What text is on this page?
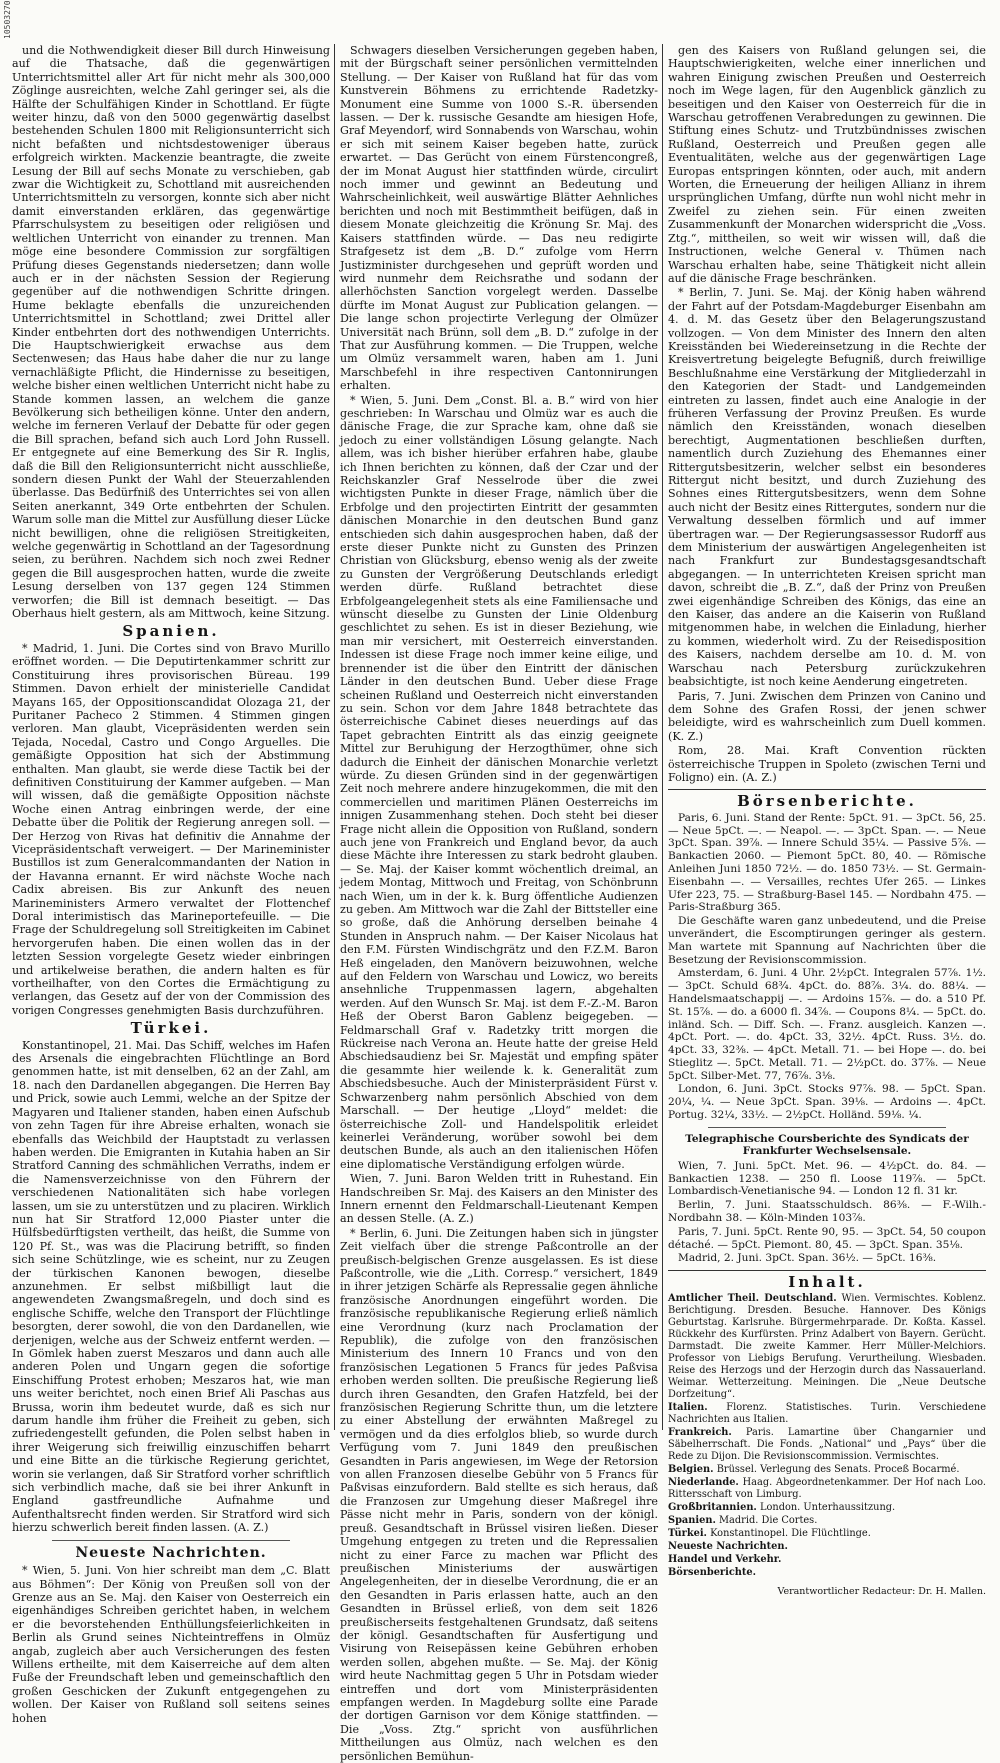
10503270

und die Nothwendigkeit dieser Bill durch Hinweisung auf die Thatsache, daß die gegenwärtigen Unterrichtsmittel aller Art für nicht mehr als 300,000 Zöglinge ausreichten, welche Zahl geringer sei, als die Hälfte der Schulfähigen Kinder in Schottland. Er fügte weiter hinzu, daß von den 5000 gegenwärtig daselbst bestehenden Schulen 1800 mit Religionsunterricht sich nicht befaßten und nichtsdestoweniger überaus erfolgreich wirkten. Mackenzie beantragte, die zweite Lesung der Bill auf sechs Monate zu verschieben, gab zwar die Wichtigkeit zu, Schottland mit ausreichenden Unterrichtsmitteln zu versorgen, konnte sich aber nicht damit einverstanden erklären, das gegenwärtige Pfarrschulsystem zu beseitigen oder religiösen und weltlichen Unterricht von einander zu trennen. Man möge eine besondere Commission zur sorgfältigen Prüfung dieses Gegenstands niedersetzen; dann wolle auch er in der nächsten Session der Regierung gegenüber auf die nothwendigen Schritte dringen. Hume beklagte ebenfalls die unzureichenden Unterrichtsmittel in Schottland; zwei Drittel aller Kinder entbehrten dort des nothwendigen Unterrichts. Die Hauptschwierigkeit erwachse aus dem Sectenwesen; das Haus habe daher die nur zu lange vernachläßigte Pflicht, die Hindernisse zu beseitigen, welche bisher einen weltlichen Unterricht nicht habe zu Stande kommen lassen, an welchem die ganze Bevölkerung sich betheiligen könne. Unter den andern, welche im ferneren Verlauf der Debatte für oder gegen die Bill sprachen, befand sich auch Lord John Russell. Er entgegnete auf eine Bemerkung des Sir R. Inglis, daß die Bill den Religionsunterricht nicht ausschließe, sondern diesen Punkt der Wahl der Steuerzahlenden überlasse. Das Bedürfniß des Unterrichtes sei von allen Seiten anerkannt, 349 Orte entbehrten der Schulen. Warum solle man die Mittel zur Ausfüllung dieser Lücke nicht bewilligen, ohne die religiösen Streitigkeiten, welche gegenwärtig in Schottland an der Tagesordnung seien, zu berühren. Nachdem sich noch zwei Redner gegen die Bill ausgesprochen hatten, wurde die zweite Lesung derselben von 137 gegen 124 Stimmen verworfen; die Bill ist demnach beseitigt. — Das Oberhaus hielt gestern, als am Mittwoch, keine Sitzung.

Spanien.

* Madrid, 1. Juni. Die Cortes sind von Bravo Murillo eröffnet worden. — Die Deputirtenkammer schritt zur Constituirung ihres provisorischen Büreau. 199 Stimmen. Davon erhielt der ministerielle Candidat Mayans 165, der Oppositionscandidat Olozaga 21, der Puritaner Pacheco 2 Stimmen. 4 Stimmen gingen verloren. Man glaubt, Vicepräsidenten werden sein Tejada, Nocedal, Castro und Congo Arguelles. Die gemäßigte Opposition hat sich der Abstimmung enthalten. Man glaubt, sie werde diese Tactik bei der definitiven Constituirung der Kammer aufgeben. — Man will wissen, daß die gemäßigte Opposition nächste Woche einen Antrag einbringen werde, der eine Debatte über die Politik der Regierung anregen soll. — Der Herzog von Rivas hat definitiv die Annahme der Vicepräsidentschaft verweigert. — Der Marineminister Bustillos ist zum Generalcommandanten der Nation in der Havanna ernannt. Er wird nächste Woche nach Cadix abreisen. Bis zur Ankunft des neuen Marineministers Armero verwaltet der Flottenchef Doral interimistisch das Marineportefeuille. — Die Frage der Schuldregelung soll Streitigkeiten im Cabinet hervorgerufen haben. Die einen wollen das in der letzten Session vorgelegte Gesetz wieder einbringen und artikelweise berathen, die andern halten es für vortheilhafter, von den Cortes die Ermächtigung zu verlangen, das Gesetz auf der von der Commission des vorigen Congresses genehmigten Basis durchzuführen.

Türkei.

Konstantinopel, 21. Mai. Das Schiff, welches im Hafen des Arsenals die eingebrachten Flüchtlinge an Bord genommen hatte, ist mit denselben, 62 an der Zahl, am 18. nach den Dardanellen abgegangen. Die Herren Bay und Prick, sowie auch Lemmi, welche an der Spitze der Magyaren und Italiener standen, haben einen Aufschub von zehn Tagen für ihre Abreise erhalten, wonach sie ebenfalls das Weichbild der Hauptstadt zu verlassen haben werden. Die Emigranten in Kutahia haben an Sir Stratford Canning des schmählichen Verraths, indem er die Namensverzeichnisse von den Führern der verschiedenen Nationalitäten sich habe vorlegen lassen, um sie zu unterstützen und zu placiren. Wirklich nun hat Sir Stratford 12,000 Piaster unter die Hülfsbedürftigsten vertheilt, das heißt, die Summe von 120 Pf. St., was was die Placirung betrifft, so finden sich seine Schützlinge, wie es scheint, nur zu Zeugen der türkischen Kanonen bewogen, dieselbe anzunehmen. Er selbst mißbilligt laut die angewendeten Zwangsmaßregeln, und doch sind es englische Schiffe, welche den Transport der Flüchtlinge besorgten, derer sowohl, die von den Dardanellen, wie derjenigen, welche aus der Schweiz entfernt werden. — In Gömlek haben zuerst Meszaros und dann auch alle anderen Polen und Ungarn gegen die sofortige Einschiffung Protest erhoben; Meszaros hat, wie man uns weiter berichtet, noch einen Brief Ali Paschas aus Brussa, worin ihm bedeutet wurde, daß es sich nur darum handle ihm früher die Freiheit zu geben, sich zufriedengestellt gefunden, die Polen selbst haben in ihrer Weigerung sich freiwillig einzuschiffen beharrt und eine Bitte an die türkische Regierung gerichtet, worin sie verlangen, daß Sir Stratford vorher schriftlich sich verbindlich mache, daß sie bei ihrer Ankunft in England gastfreundliche Aufnahme und Aufenthaltsrecht finden werden. Sir Stratford wird sich hierzu schwerlich bereit finden lassen. (A. Z.)

Neueste Nachrichten.

* Wien, 5. Juni. Von hier schreibt man dem „C. Blatt aus Böhmen“: Der König von Preußen soll von der Grenze aus an Se. Maj. den Kaiser von Oesterreich ein eigenhändiges Schreiben gerichtet haben, in welchem er die bevorstehenden Enthüllungsfeierlichkeiten in Berlin als Grund seines Nichteintreffens in Olmüz angab, zugleich aber auch Versicherungen des festen Willens ertheilte, mit dem Kaiserreiche auf dem alten Fuße der Freundschaft leben und gemeinschaftlich den großen Geschicken der Zukunft entgegengehen zu wollen. Der Kaiser von Rußland soll seitens seines hohen

Schwagers dieselben Versicherungen gegeben haben, mit der Bürgschaft seiner persönlichen vermittelnden Stellung. — Der Kaiser von Rußland hat für das vom Kunstverein Böhmens zu errichtende Radetzky-Monument eine Summe von 1000 S.-R. übersenden lassen. — Der k. russische Gesandte am hiesigen Hofe, Graf Meyendorf, wird Sonnabends von Warschau, wohin er sich mit seinem Kaiser begeben hatte, zurück erwartet. — Das Gerücht von einem Fürstencongreß, der im Monat August hier stattfinden würde, circulirt noch immer und gewinnt an Bedeutung und Wahrscheinlichkeit, weil auswärtige Blätter Aehnliches berichten und noch mit Bestimmtheit beifügen, daß in diesem Monate gleichzeitig die Krönung Sr. Maj. des Kaisers stattfinden würde. — Das neu redigirte Strafgesetz ist dem „B. D.“ zufolge vom Herrn Justizminister durchgesehen und geprüft worden und wird nunmehr dem Reichsrathe und sodann der allerhöchsten Sanction vorgelegt werden. Dasselbe dürfte im Monat August zur Publication gelangen. — Die lange schon projectirte Verlegung der Olmüzer Universität nach Brünn, soll dem „B. D.“ zufolge in der That zur Ausführung kommen. — Die Truppen, welche um Olmüz versammelt waren, haben am 1. Juni Marschbefehl in ihre respectiven Cantonnirungen erhalten.

* Wien, 5. Juni. Dem „Const. Bl. a. B.“ wird von hier geschrieben: In Warschau und Olmüz war es auch die dänische Frage, die zur Sprache kam, ohne daß sie jedoch zu einer vollständigen Lösung gelangte. Nach allem, was ich bisher hierüber erfahren habe, glaube ich Ihnen berichten zu können, daß der Czar und der Reichskanzler Graf Nesselrode über die zwei wichtigsten Punkte in dieser Frage, nämlich über die Erbfolge und den projectirten Eintritt der gesammten dänischen Monarchie in den deutschen Bund ganz entschieden sich dahin ausgesprochen haben, daß der erste dieser Punkte nicht zu Gunsten des Prinzen Christian von Glücksburg, ebenso wenig als der zweite zu Gunsten der Vergrößerung Deutschlands erledigt werden dürfe. Rußland betrachtet diese Erbfolgeangelegenheit stets als eine Familiensache und wünscht dieselbe zu Gunsten der Linie Oldenburg geschlichtet zu sehen. Es ist in dieser Beziehung, wie man mir versichert, mit Oesterreich einverstanden. Indessen ist diese Frage noch immer keine eilige, und brennender ist die über den Eintritt der dänischen Länder in den deutschen Bund. Ueber diese Frage scheinen Rußland und Oesterreich nicht einverstanden zu sein. Schon vor dem Jahre 1848 betrachtete das österreichische Cabinet dieses neuerdings auf das Tapet gebrachten Eintritt als das einzig geeignete Mittel zur Beruhigung der Herzogthümer, ohne sich dadurch die Einheit der dänischen Monarchie verletzt würde. Zu diesen Gründen sind in der gegenwärtigen Zeit noch mehrere andere hinzugekommen, die mit den commerciellen und maritimen Plänen Oesterreichs im innigen Zusammenhang stehen. Doch steht bei dieser Frage nicht allein die Opposition von Rußland, sondern auch jene von Frankreich und England bevor, da auch diese Mächte ihre Interessen zu stark bedroht glauben. — Se. Maj. der Kaiser kommt wöchentlich dreimal, an jedem Montag, Mittwoch und Freitag, von Schönbrunn nach Wien, um in der k. k. Burg öffentliche Audienzen zu geben. Am Mittwoch war die Zahl der Bittsteller eine so große, daß die Anhörung derselben beinahe 4 Stunden in Anspruch nahm. — Der Kaiser Nicolaus hat den F.M. Fürsten Windischgrätz und den F.Z.M. Baron Heß eingeladen, den Manövern beizuwohnen, welche auf den Feldern von Warschau und Lowicz, wo bereits ansehnliche Truppenmassen lagern, abgehalten werden. Auf den Wunsch Sr. Maj. ist dem F.-Z.-M. Baron Heß der Oberst Baron Gablenz beigegeben. — Feldmarschall Graf v. Radetzky tritt morgen die Rückreise nach Verona an. Heute hatte der greise Held Abschiedsaudienz bei Sr. Majestät und empfing später die gesammte hier weilende k. k. Generalität zum Abschiedsbesuche. Auch der Ministerpräsident Fürst v. Schwarzenberg nahm persönlich Abschied von dem Marschall. — Der heutige „Lloyd“ meldet: die österreichische Zoll- und Handelspolitik erleidet keinerlei Veränderung, worüber sowohl bei dem deutschen Bunde, als auch an den italienischen Höfen eine diplomatische Verständigung erfolgen würde.

Wien, 7. Juni. Baron Welden tritt in Ruhestand. Ein Handschreiben Sr. Maj. des Kaisers an den Minister des Innern ernennt den Feldmarschall-Lieutenant Kempen an dessen Stelle. (A. Z.)

* Berlin, 6. Juni. Die Zeitungen haben sich in jüngster Zeit vielfach über die strenge Paßcontrolle an der preußisch-belgischen Grenze ausgelassen. Es ist diese Paßcontrolle, wie die „Lith. Corresp.“ versichert, 1849 in ihrer jetzigen Schärfe als Repressalie gegen ähnliche französische Anordnungen eingeführt worden. Die französische republikanische Regierung erließ nämlich eine Verordnung (kurz nach Proclamation der Republik), die zufolge von den französischen Ministerium des Innern 10 Francs und von den französischen Legationen 5 Francs für jedes Paßvisa erhoben werden sollten. Die preußische Regierung ließ durch ihren Gesandten, den Grafen Hatzfeld, bei der französischen Regierung Schritte thun, um die letztere zu einer Abstellung der erwähnten Maßregel zu vermögen und da dies erfolglos blieb, so wurde durch Verfügung vom 7. Juni 1849 den preußischen Gesandten in Paris angewiesen, im Wege der Retorsion von allen Franzosen dieselbe Gebühr von 5 Francs für Paßvisas einzufordern. Bald stellte es sich heraus, daß die Franzosen zur Umgehung dieser Maßregel ihre Pässe nicht mehr in Paris, sondern von der königl. preuß. Gesandtschaft in Brüssel visiren ließen. Dieser Umgehung entgegen zu treten und die Repressalien nicht zu einer Farce zu machen war Pflicht des preußischen Ministeriums der auswärtigen Angelegenheiten, der in dieselbe Verordnung, die er an den Gesandten in Paris erlassen hatte, auch an den Gesandten in Brüssel erließ, von dem seit 1826 preußischerseits festgehaltenen Grundsatz, daß seitens der königl. Gesandtschaften für Ausfertigung und Visirung von Reisepässen keine Gebühren erhoben werden sollen, abgehen mußte. — Se. Maj. der König wird heute Nachmittag gegen 5 Uhr in Potsdam wieder eintreffen und dort vom Ministerpräsidenten empfangen werden. In Magdeburg sollte eine Parade der dortigen Garnison vor dem Könige stattfinden. — Die „Voss. Ztg.“ spricht von ausführlichen Mittheilungen aus Olmüz, nach welchen es den persönlichen Bemühun-

gen des Kaisers von Rußland gelungen sei, die Hauptschwierigkeiten, welche einer innerlichen und wahren Einigung zwischen Preußen und Oesterreich noch im Wege lagen, für den Augenblick gänzlich zu beseitigen und den Kaiser von Oesterreich für die in Warschau getroffenen Verabredungen zu gewinnen. Die Stiftung eines Schutz- und Trutzbündnisses zwischen Rußland, Oesterreich und Preußen gegen alle Eventualitäten, welche aus der gegenwärtigen Lage Europas entspringen könnten, oder auch, mit andern Worten, die Erneuerung der heiligen Allianz in ihrem ursprünglichen Umfang, dürfte nun wohl nicht mehr in Zweifel zu ziehen sein. Für einen zweiten Zusammenkunft der Monarchen widerspricht die „Voss. Ztg.“, mittheilen, so weit wir wissen will, daß die Instructionen, welche General v. Thümen nach Warschau erhalten habe, seine Thätigkeit nicht allein auf die dänische Frage beschränken.

* Berlin, 7. Juni. Se. Maj. der König haben während der Fahrt auf der Potsdam-Magdeburger Eisenbahn am 4. d. M. das Gesetz über den Belagerungszustand vollzogen. — Von dem Minister des Innern den alten Kreisständen bei Wiedereinsetzung in die Rechte der Kreisvertretung beigelegte Befugniß, durch freiwillige Beschlußnahme eine Verstärkung der Mitgliederzahl in den Kategorien der Stadt- und Landgemeinden eintreten zu lassen, findet auch eine Analogie in der früheren Verfassung der Provinz Preußen. Es wurde nämlich den Kreisständen, wonach dieselben berechtigt, Augmentationen beschließen durften, namentlich durch Zuziehung des Ehemannes einer Rittergutsbesitzerin, welcher selbst ein besonderes Rittergut nicht besitzt, und durch Zuziehung des Sohnes eines Rittergutsbesitzers, wenn dem Sohne auch nicht der Besitz eines Rittergutes, sondern nur die Verwaltung desselben förmlich und auf immer übertragen war. — Der Regierungsassessor Rudorff aus dem Ministerium der auswärtigen Angelegenheiten ist nach Frankfurt zur Bundestagsgesandtschaft abgegangen. — In unterrichteten Kreisen spricht man davon, schreibt die „B. Z.“, daß der Prinz von Preußen zwei eigenhändige Schreiben des Königs, das eine an den Kaiser, das andere an die Kaiserin von Rußland mitgenommen habe, in welchen die Einladung, hierher zu kommen, wiederholt wird. Zu der Reisedisposition des Kaisers, nachdem derselbe am 10. d. M. von Warschau nach Petersburg zurückzukehren beabsichtigte, ist noch keine Aenderung eingetreten.

Paris, 7. Juni. Zwischen dem Prinzen von Canino und dem Sohne des Grafen Rossi, der jenen schwer beleidigte, wird es wahrscheinlich zum Duell kommen. (K. Z.)

Rom, 28. Mai. Kraft Convention rückten österreichische Truppen in Spoleto (zwischen Terni und Foligno) ein. (A. Z.)

Börsenberichte.

Paris, 6. Juni. Stand der Rente: 5pCt. 91. — 3pCt. 56, 25. — Neue 5pCt. —. — Neapol. —. — 3pCt. Span. —. — Neue 3pCt. Span. 39⅞. — Innere Schuld 35¼. — Passive 5⅞. — Bankactien 2060. — Piemont 5pCt. 80, 40. — Römische Anleihen Juni 1850 72½. — do. 1850 73½. — St. Germain-Eisenbahn —. — Versailles, rechtes Ufer 265. — Linkes Ufer 223, 75. — Straßburg-Basel 145. — Nordbahn 475. — Paris-Straßburg 365.

Die Geschäfte waren ganz unbedeutend, und die Preise unverändert, die Escomptirungen geringer als gestern. Man wartete mit Spannung auf Nachrichten über die Besetzung der Revisionscommission.

Amsterdam, 6. Juni. 4 Uhr. 2½pCt. Integralen 57⅞. 1½. — 3pCt. Schuld 68¾. 4pCt. do. 88⅞. 3¼. do. 88¼. — Handelsmaatschappij —. — Ardoins 15⅞. — do. a 510 Pf. St. 15⅞. — do. a 6000 fl. 34⅞. — Coupons 8¼. — 5pCt. do. inländ. Sch. — Diff. Sch. —. Franz. ausgleich. Kanzen —. 4pCt. Port. —. do. 4pCt. 33, 32½. 4pCt. Russ. 3½. do. 4pCt. 33, 32⅜. — 4pCt. Metall. 71. — bei Hope —. do. bei Stieglitz —. 5pCt. Metall. 71. — 2½pCt. do. 37⅞. — Neue 5pCt. Silber-Met. 77, 76⅞. 3⅛.

London, 6. Juni. 3pCt. Stocks 97⅞. 98. — 5pCt. Span. 20¼, ¼. — Neue 3pCt. Span. 39⅛. — Ardoins —. 4pCt. Portug. 32¼, 33½. — 2½pCt. Holländ. 59⅛. ¼.

Telegraphische Coursberichte des Syndicats der Frankfurter Wechselsensale.

Wien, 7. Juni. 5pCt. Met. 96. — 4½pCt. do. 84. — Bankactien 1238. — 250 fl. Loose 119⅞. — 5pCt. Lombardisch-Venetianische 94. — London 12 fl. 31 kr.

Berlin, 7. Juni. Staatsschuldsch. 86⅜. — F.-Wilh.-Nordbahn 38. — Köln-Minden 103⅞.

Paris, 7. Juni. 5pCt. Rente 90, 95. — 3pCt. 54, 50 coupon détaché. — 5pCt. Piemont. 80, 45. — 3pCt. Span. 35⅛.

Madrid, 2. Juni. 3pCt. Span. 36½. — 5pCt. 16⅜.

Inhalt.

Amtlicher Theil. Deutschland. Wien. Vermischtes. Koblenz. Berichtigung. Dresden. Besuche. Hannover. Des Königs Geburtstag. Karlsruhe. Bürgermehrparade. Dr. Koßta. Kassel. Rückkehr des Kurfürsten. Prinz Adalbert von Bayern. Gerücht. Darmstadt. Die zweite Kammer. Herr Müller-Melchiors. Professor von Liebigs Berufung. Verurtheilung. Wiesbaden. Reise des Herzogs und der Herzogin durch das Nassauerland. Weimar. Wetterzeitung. Meiningen. Die „Neue Deutsche Dorfzeitung“.

Italien. Florenz. Statistisches. Turin. Verschiedene Nachrichten aus Italien.

Frankreich. Paris. Lamartine über Changarnier und Säbelherrschaft. Die Fonds. „National“ und „Pays“ über die Rede zu Dijon. Die Revisionscommission. Vermischtes.

Belgien. Brüssel. Verlegung des Senats. Proceß Bocarmé.

Niederlande. Haag. Abgeordnetenkammer. Der Hof nach Loo. Rittersschaft von Limburg.

Großbritannien. London. Unterhaussitzung.

Spanien. Madrid. Die Cortes.

Türkei. Konstantinopel. Die Flüchtlinge.

Neueste Nachrichten.

Handel und Verkehr.

Börsenberichte.

Verantwortlicher Redacteur: Dr. H. Mallen.
